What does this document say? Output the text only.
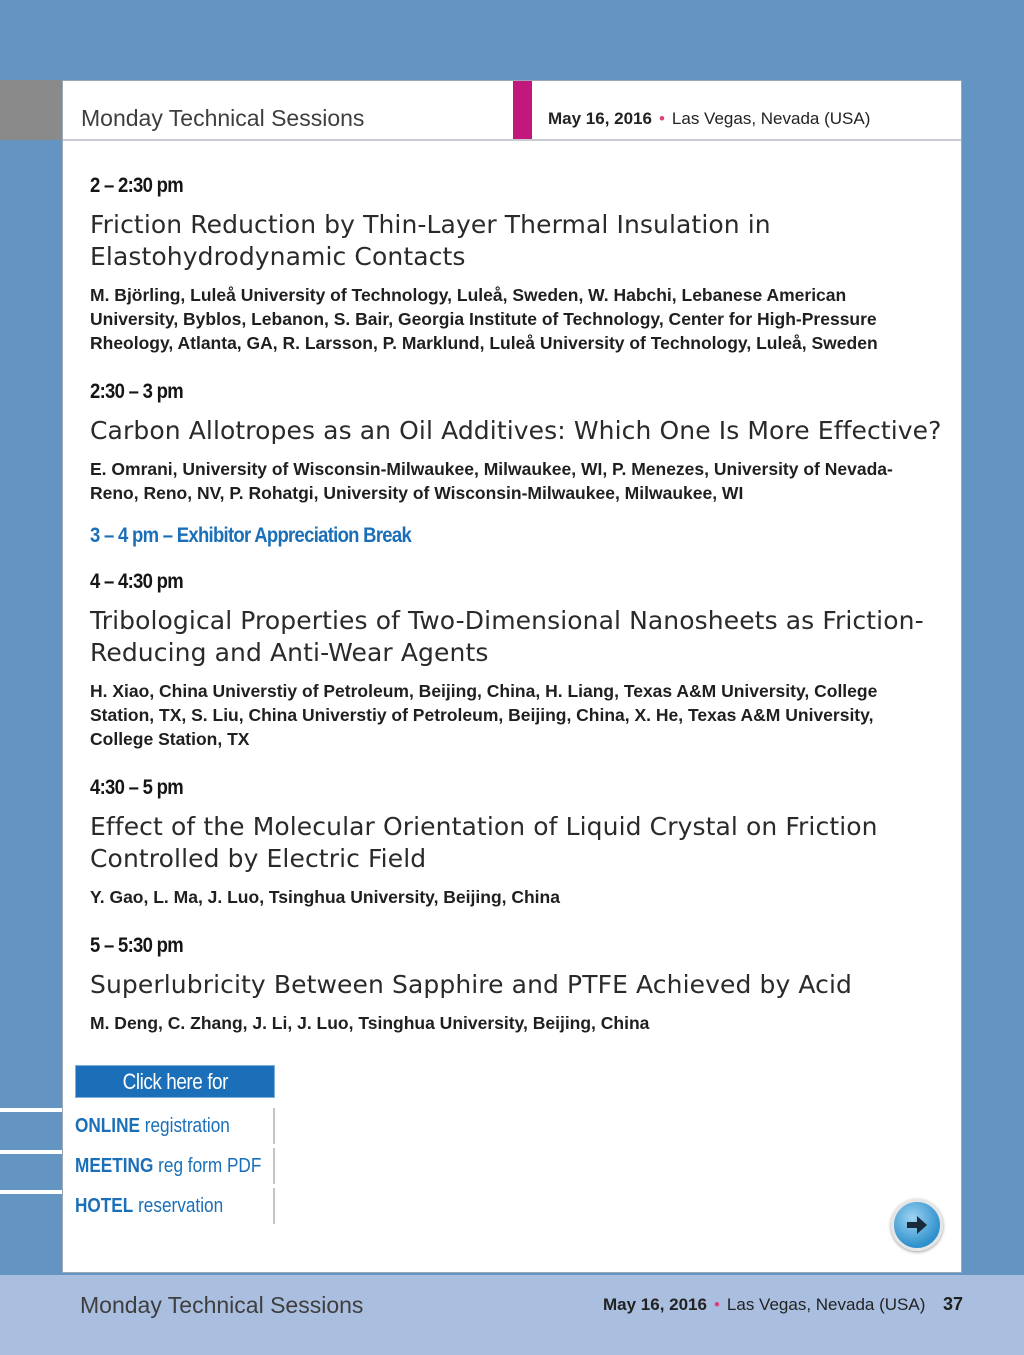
Monday Technical Sessions	May 16, 2016 • Las Vegas, Nevada (USA)
2 – 2:30 pm
Friction Reduction by Thin-Layer Thermal Insulation in Elastohydrodynamic Contacts
M. Björling, Luleå University of Technology, Luleå, Sweden, W. Habchi, Lebanese American University, Byblos, Lebanon, S. Bair, Georgia Institute of Technology, Center for High-Pressure Rheology, Atlanta, GA, R. Larsson, P. Marklund, Luleå University of Technology, Luleå, Sweden
2:30 – 3 pm
Carbon Allotropes as an Oil Additives: Which One Is More Effective?
E. Omrani, University of Wisconsin-Milwaukee, Milwaukee, WI, P. Menezes, University of Nevada-Reno, Reno, NV, P. Rohatgi, University of Wisconsin-Milwaukee, Milwaukee, WI
3 – 4 pm – Exhibitor Appreciation Break
4 – 4:30 pm
Tribological Properties of Two-Dimensional Nanosheets as Friction-Reducing and Anti-Wear Agents
H. Xiao, China Universtiy of Petroleum, Beijing, China, H. Liang, Texas A&M University, College Station, TX, S. Liu, China Universtiy of Petroleum, Beijing, China, X. He, Texas A&M University, College Station, TX
4:30 – 5 pm
Effect of the Molecular Orientation of Liquid Crystal on Friction Controlled by Electric Field
Y. Gao, L. Ma, J. Luo, Tsinghua University, Beijing, China
5 – 5:30 pm
Superlubricity Between Sapphire and PTFE Achieved by Acid
M. Deng, C. Zhang, J. Li, J. Luo, Tsinghua University, Beijing, China
Click here for
ONLINE registration
MEETING reg form PDF
HOTEL reservation
Monday Technical Sessions	May 16, 2016 • Las Vegas, Nevada (USA) 37
